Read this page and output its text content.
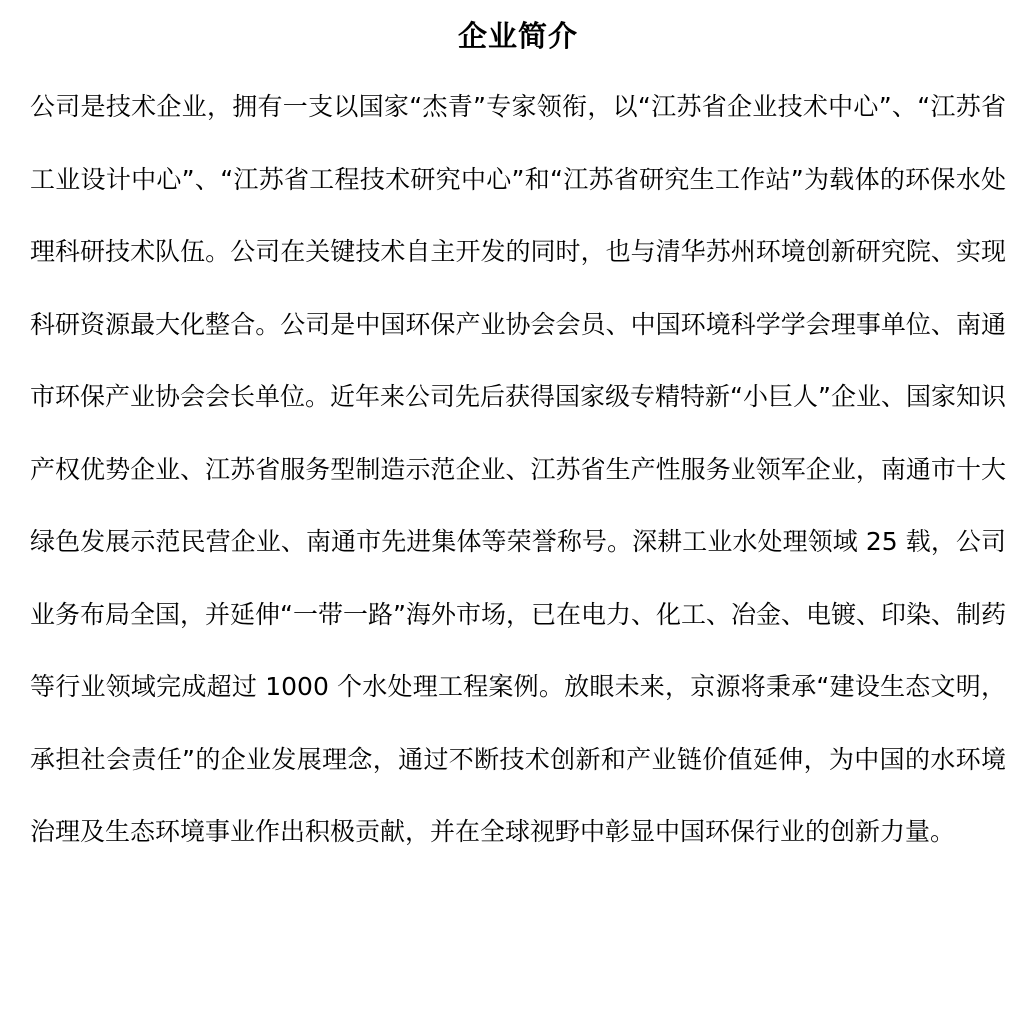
企业简介

公司是技术企业，拥有一支以国家“杰青”专家领衔，以“江苏省企业技术中心”、“江苏省工业设计中心”、“江苏省工程技术研究中心”和“江苏省研究生工作站”为载体的环保水处理科研技术队伍。公司在关键技术自主开发的同时，也与清华苏州环境创新研究院、实现科研资源最大化整合。公司是中国环保产业协会会员、中国环境科学学会理事单位、南通市环保产业协会会长单位。近年来公司先后获得国家级专精特新“小巨人”企业、国家知识产权优势企业、江苏省服务型制造示范企业、江苏省生产性服务业领军企业，南通市十大绿色发展示范民营企业、南通市先进集体等荣誉称号。深耕工业水处理领域 25 载，公司业务布局全国，并延伸“一带一路”海外市场，已在电力、化工、冶金、电镀、印染、制药等行业领域完成超过 1000 个水处理工程案例。放眼未来，京源将秉承“建设生态文明，承担社会责任”的企业发展理念，通过不断技术创新和产业链价值延伸，为中国的水环境治理及生态环境事业作出积极贡献，并在全球视野中彰显中国环保行业的创新力量。
